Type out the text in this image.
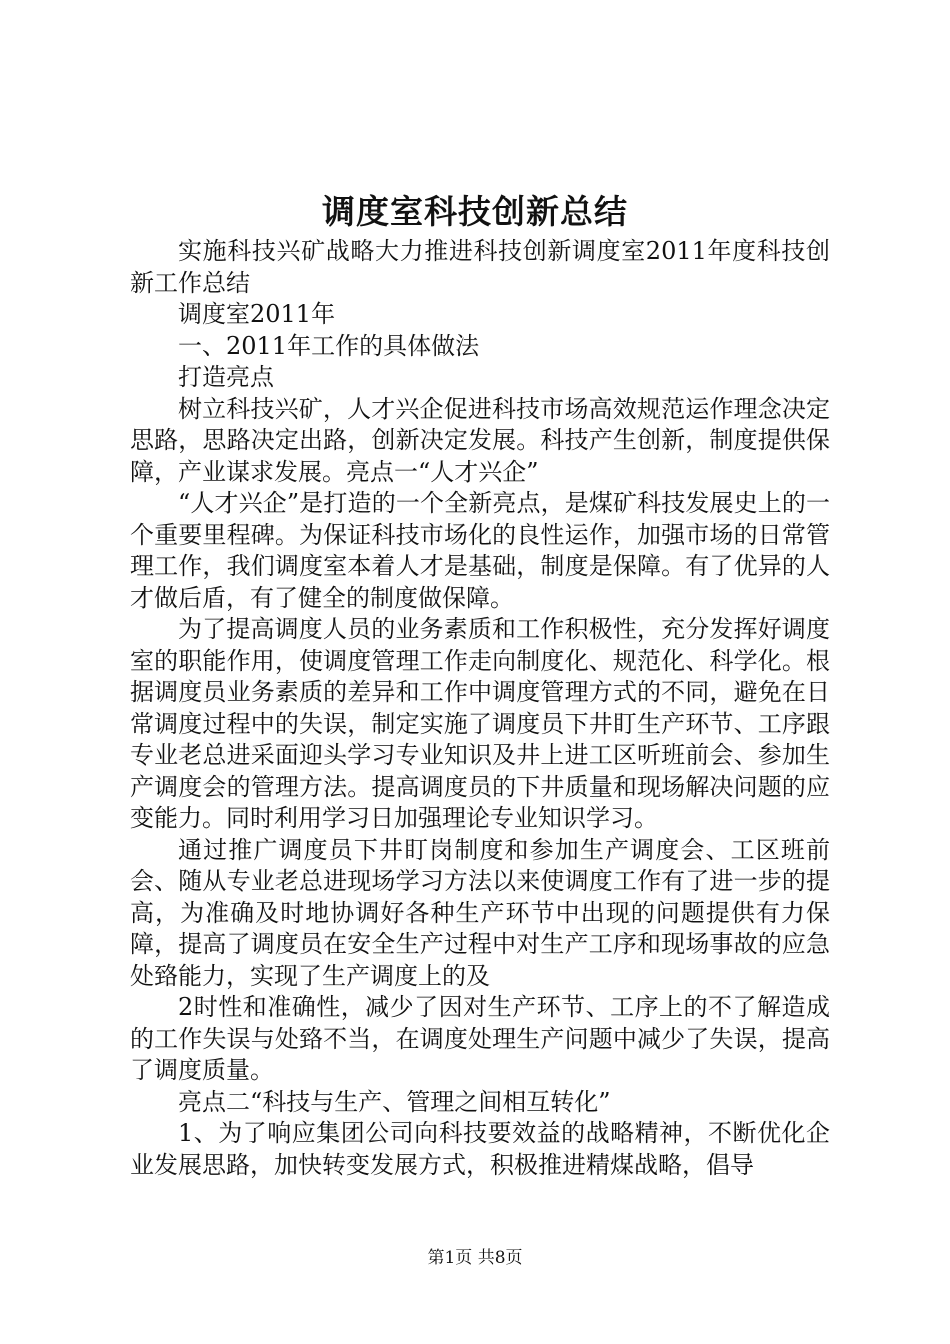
调度室科技创新总结

实施科技兴矿战略大力推进科技创新调度室2011年度科技创新工作总结

调度室2011年

一、2011年工作的具体做法

打造亮点

树立科技兴矿，人才兴企促进科技市场高效规范运作理念决定思路，思路决定出路，创新决定发展。科技产生创新，制度提供保障，产业谋求发展。亮点一“人才兴企”

“人才兴企”是打造的一个全新亮点，是煤矿科技发展史上的一个重要里程碑。为保证科技市场化的良性运作，加强市场的日常管理工作，我们调度室本着人才是基础，制度是保障。有了优异的人才做后盾，有了健全的制度做保障。

为了提高调度人员的业务素质和工作积极性，充分发挥好调度室的职能作用，使调度管理工作走向制度化、规范化、科学化。根据调度员业务素质的差异和工作中调度管理方式的不同，避免在日常调度过程中的失误，制定实施了调度员下井盯生产环节、工序跟专业老总进采面迎头学习专业知识及井上进工区听班前会、参加生产调度会的管理方法。提高调度员的下井质量和现场解决问题的应变能力。同时利用学习日加强理论专业知识学习。

通过推广调度员下井盯岗制度和参加生产调度会、工区班前会、随从专业老总进现场学习方法以来使调度工作有了进一步的提高，为准确及时地协调好各种生产环节中出现的问题提供有力保障，提高了调度员在安全生产过程中对生产工序和现场事故的应急处臵能力，实现了生产调度上的及

2时性和准确性，减少了因对生产环节、工序上的不了解造成的工作失误与处臵不当，在调度处理生产问题中减少了失误，提高了调度质量。

亮点二“科技与生产、管理之间相互转化”

1、为了响应集团公司向科技要效益的战略精神，不断优化企业发展思路，加快转变发展方式，积极推进精煤战略，倡导

第1页 共8页
